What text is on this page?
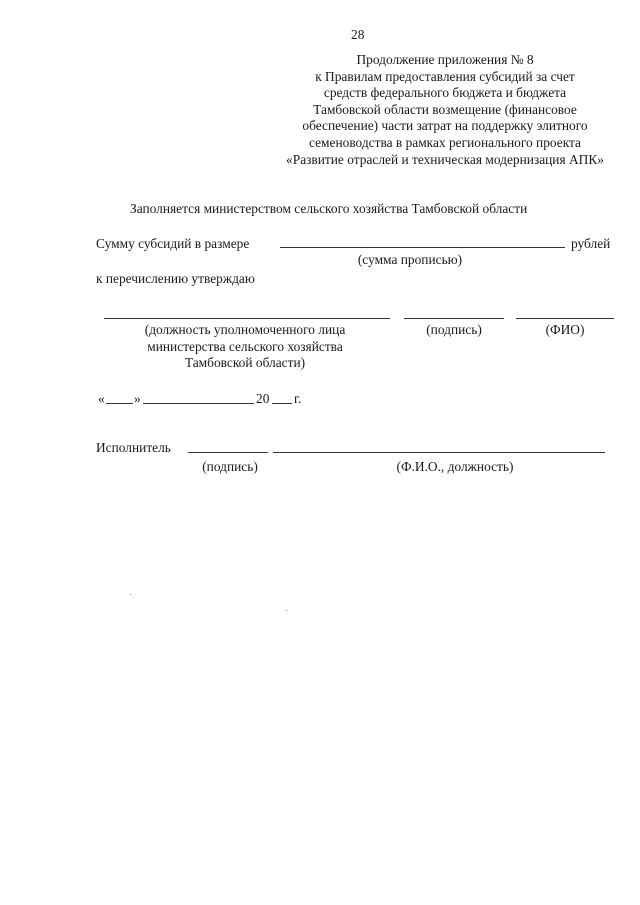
28
Продолжение приложения № 8
к Правилам предоставления субсидий за счет
средств федерального бюджета и бюджета
Тамбовской области возмещение (финансовое
обеспечение) части затрат на поддержку элитного
семеноводства в рамках регионального проекта
«Развитие отраслей и техническая модернизация АПК»
Заполняется министерством сельского хозяйства Тамбовской области
Сумму субсидий в размере	рублей
(сумма прописью)
к перечислению утверждаю
(должность уполномоченного лица
министерства сельского хозяйства
Тамбовской области)
(подпись)	(ФИО)
« »	20 г.
Исполнитель
(подпись)	(Ф.И.О., должность)
